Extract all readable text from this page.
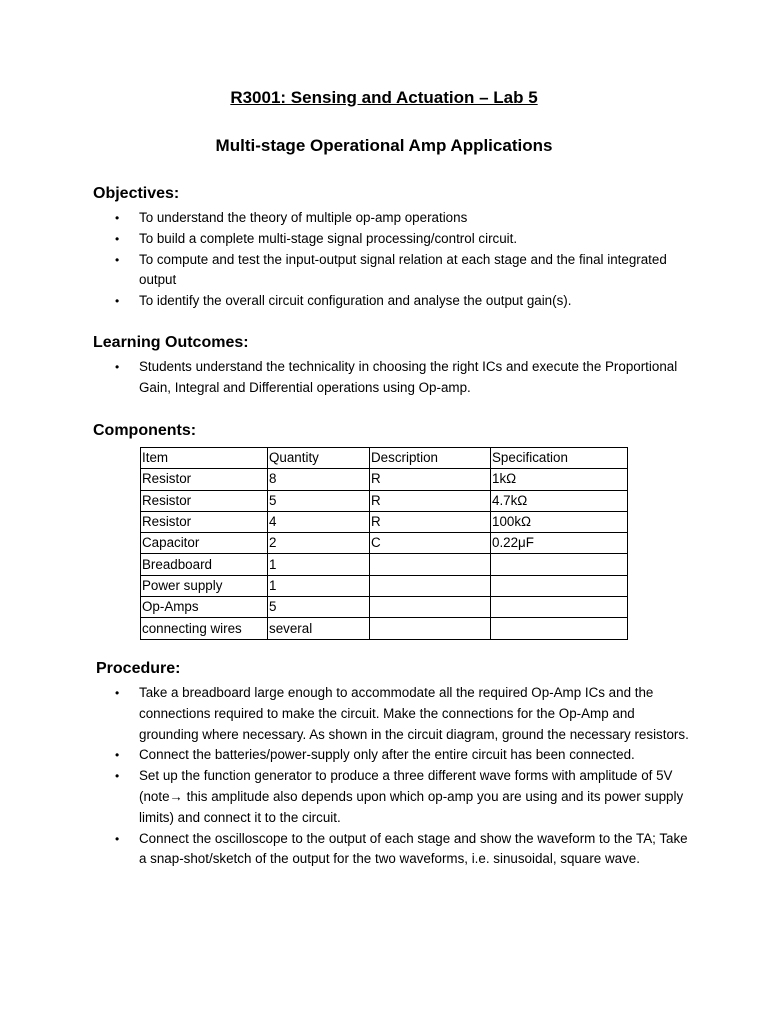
R3001: Sensing and Actuation – Lab 5
Multi-stage Operational Amp Applications
Objectives:
• To understand the theory of multiple op-amp operations
• To build a complete multi-stage signal processing/control circuit.
• To compute and test the input-output signal relation at each stage and the final integrated output
• To identify the overall circuit configuration and analyse the output gain(s).
Learning Outcomes:
• Students understand the technicality in choosing the right ICs and execute the Proportional Gain, Integral and Differential operations using Op-amp.
Components:
Item	Quantity	Description	Specification
Resistor	8	R	1kΩ
Resistor	5	R	4.7kΩ
Resistor	4	R	100kΩ
Capacitor	2	C	0.22μF
Breadboard	1		
Power supply	1		
Op-Amps	5		
connecting wires	several		
Procedure:
• Take a breadboard large enough to accommodate all the required Op-Amp ICs and the connections required to make the circuit. Make the connections for the Op-Amp and grounding where necessary. As shown in the circuit diagram, ground the necessary resistors.
• Connect the batteries/power-supply only after the entire circuit has been connected.
• Set up the function generator to produce a three different wave forms with amplitude of 5V (note→ this amplitude also depends upon which op-amp you are using and its power supply limits) and connect it to the circuit.
• Connect the oscilloscope to the output of each stage and show the waveform to the TA; Take a snap-shot/sketch of the output for the two waveforms, i.e. sinusoidal, square wave.
